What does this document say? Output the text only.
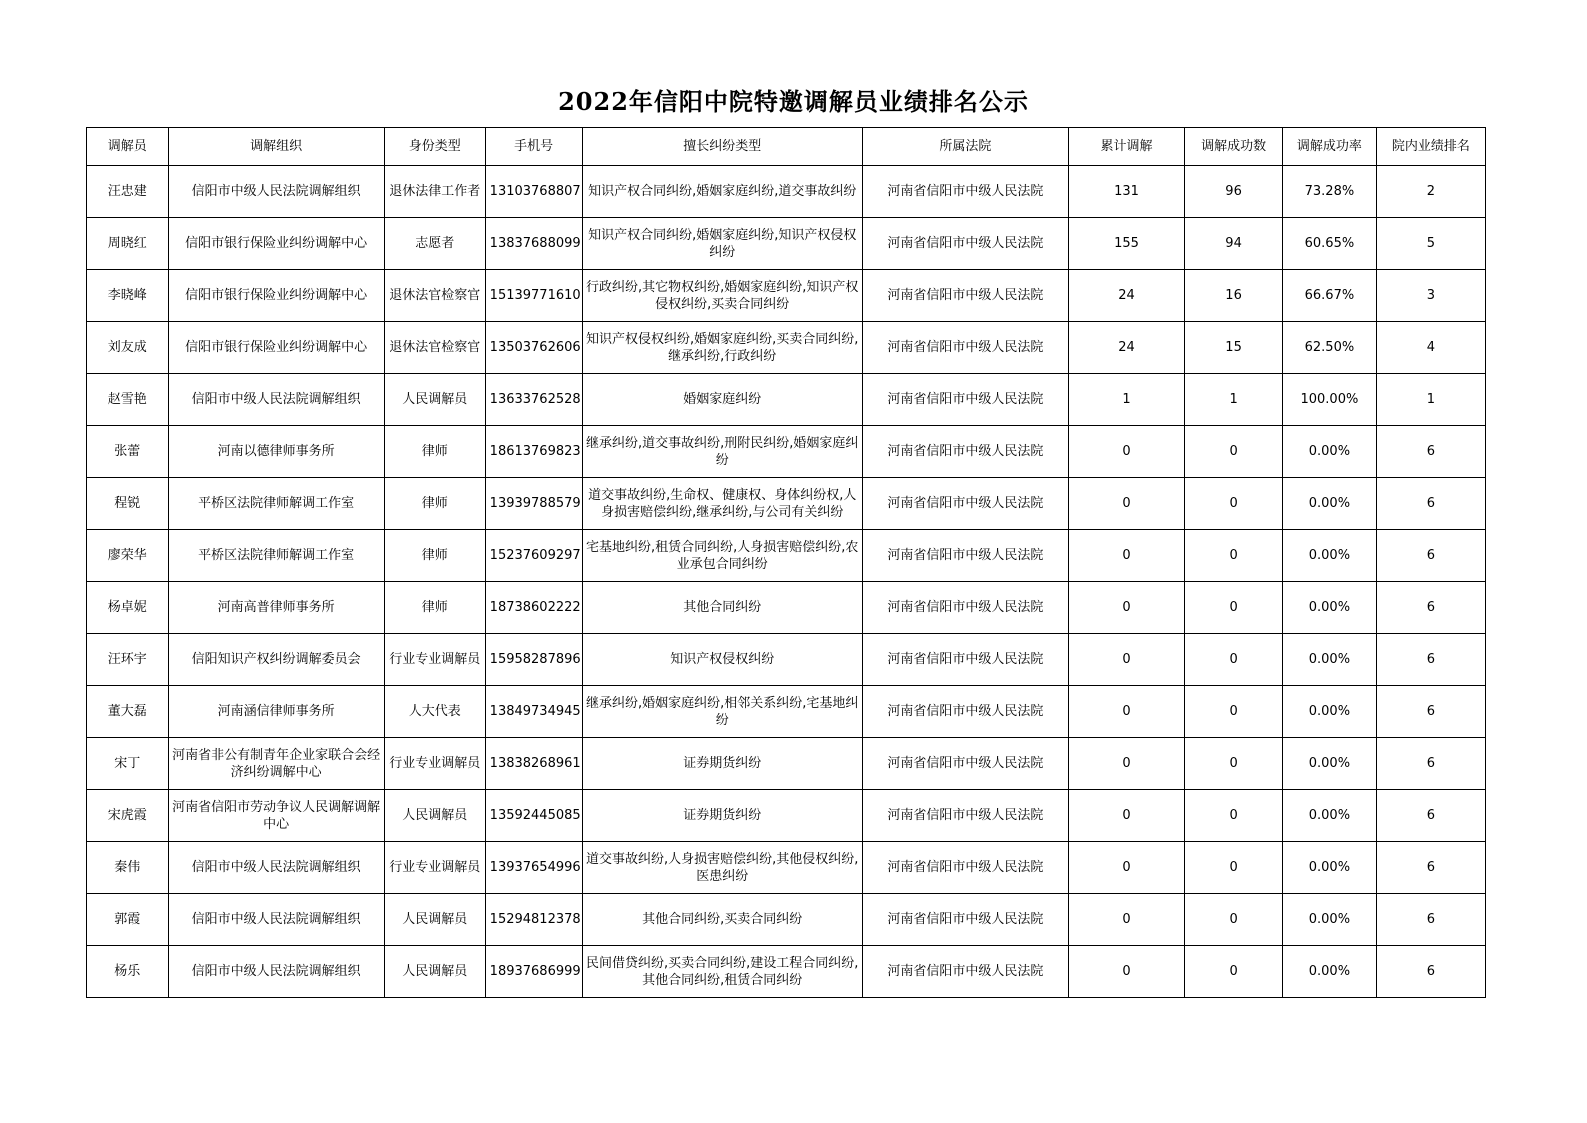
2022年信阳中院特邀调解员业绩排名公示
调解员	调解组织	身份类型	手机号	擅长纠纷类型	所属法院	累计调解	调解成功数	调解成功率	院内业绩排名
汪忠建	信阳市中级人民法院调解组织	退休法律工作者	13103768807	知识产权合同纠纷,婚姻家庭纠纷,道交事故纠纷	河南省信阳市中级人民法院	131	96	73.28%	2
周晓红	信阳市银行保险业纠纷调解中心	志愿者	13837688099	知识产权合同纠纷,婚姻家庭纠纷,知识产权侵权纠纷	河南省信阳市中级人民法院	155	94	60.65%	5
李晓峰	信阳市银行保险业纠纷调解中心	退休法官检察官	15139771610	行政纠纷,其它物权纠纷,婚姻家庭纠纷,知识产权侵权纠纷,买卖合同纠纷	河南省信阳市中级人民法院	24	16	66.67%	3
刘友成	信阳市银行保险业纠纷调解中心	退休法官检察官	13503762606	知识产权侵权纠纷,婚姻家庭纠纷,买卖合同纠纷,继承纠纷,行政纠纷	河南省信阳市中级人民法院	24	15	62.50%	4
赵雪艳	信阳市中级人民法院调解组织	人民调解员	13633762528	婚姻家庭纠纷	河南省信阳市中级人民法院	1	1	100.00%	1
张蕾	河南以德律师事务所	律师	18613769823	继承纠纷,道交事故纠纷,刑附民纠纷,婚姻家庭纠纷	河南省信阳市中级人民法院	0	0	0.00%	6
程锐	平桥区法院律师解调工作室	律师	13939788579	道交事故纠纷,生命权、健康权、身体纠纷权,人身损害赔偿纠纷,继承纠纷,与公司有关纠纷	河南省信阳市中级人民法院	0	0	0.00%	6
廖荣华	平桥区法院律师解调工作室	律师	15237609297	宅基地纠纷,租赁合同纠纷,人身损害赔偿纠纷,农业承包合同纠纷	河南省信阳市中级人民法院	0	0	0.00%	6
杨卓妮	河南高普律师事务所	律师	18738602222	其他合同纠纷	河南省信阳市中级人民法院	0	0	0.00%	6
汪环宇	信阳知识产权纠纷调解委员会	行业专业调解员	15958287896	知识产权侵权纠纷	河南省信阳市中级人民法院	0	0	0.00%	6
董大磊	河南涵信律师事务所	人大代表	13849734945	继承纠纷,婚姻家庭纠纷,相邻关系纠纷,宅基地纠纷	河南省信阳市中级人民法院	0	0	0.00%	6
宋丁	河南省非公有制青年企业家联合会经济纠纷调解中心	行业专业调解员	13838268961	证券期货纠纷	河南省信阳市中级人民法院	0	0	0.00%	6
宋虎霞	河南省信阳市劳动争议人民调解调解中心	人民调解员	13592445085	证券期货纠纷	河南省信阳市中级人民法院	0	0	0.00%	6
秦伟	信阳市中级人民法院调解组织	行业专业调解员	13937654996	道交事故纠纷,人身损害赔偿纠纷,其他侵权纠纷,医患纠纷	河南省信阳市中级人民法院	0	0	0.00%	6
郭霞	信阳市中级人民法院调解组织	人民调解员	15294812378	其他合同纠纷,买卖合同纠纷	河南省信阳市中级人民法院	0	0	0.00%	6
杨乐	信阳市中级人民法院调解组织	人民调解员	18937686999	民间借贷纠纷,买卖合同纠纷,建设工程合同纠纷,其他合同纠纷,租赁合同纠纷	河南省信阳市中级人民法院	0	0	0.00%	6
